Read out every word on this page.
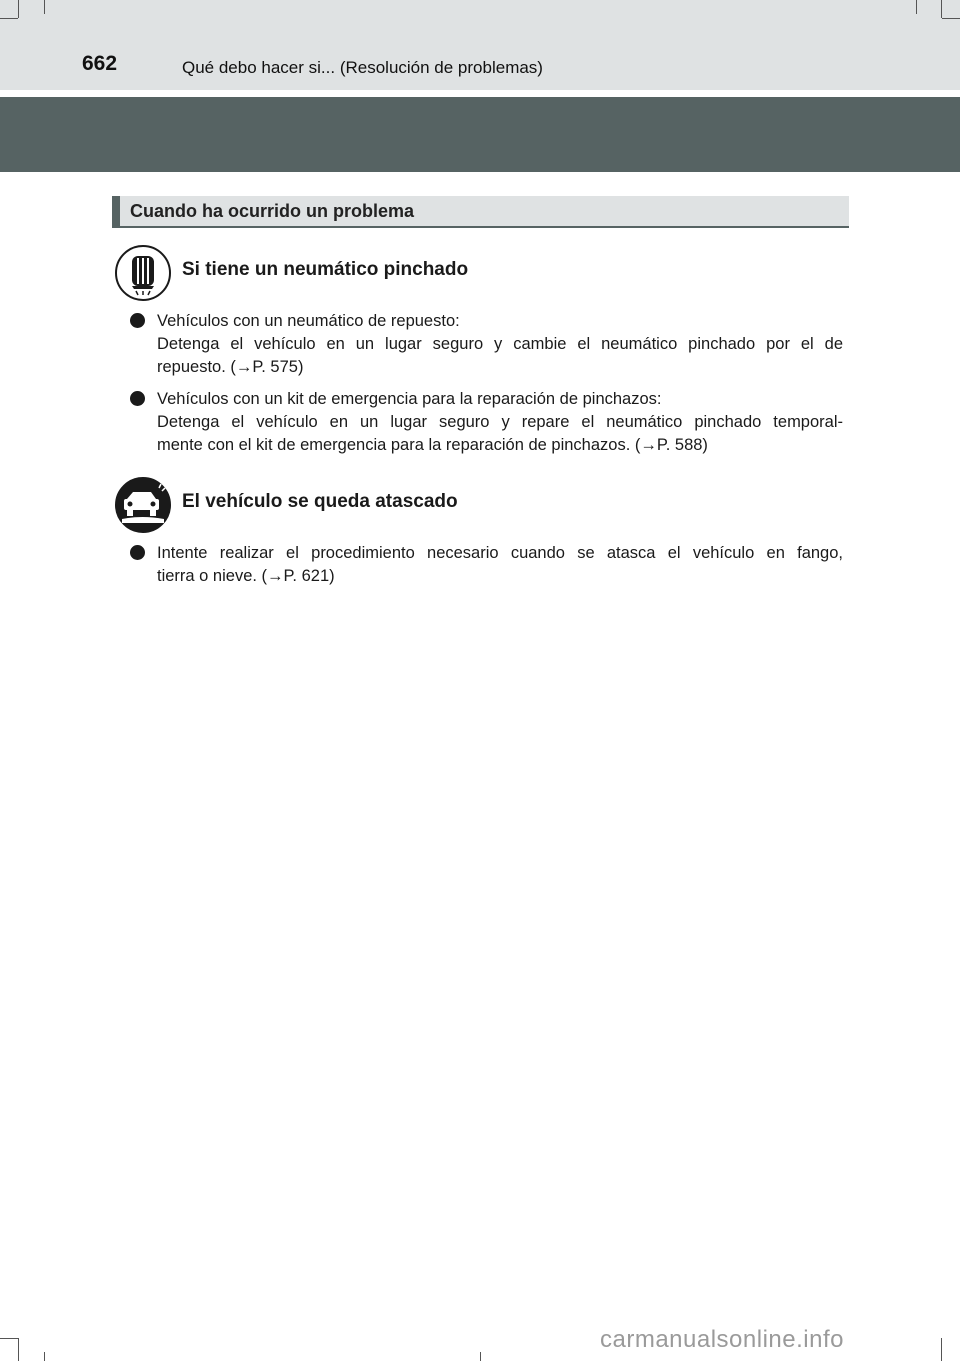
662	Qué debo hacer si... (Resolución de problemas)
Cuando ha ocurrido un problema
Si tiene un neumático pinchado
Vehículos con un neumático de repuesto:
Detenga el vehículo en un lugar seguro y cambie el neumático pinchado por el de
repuesto. (→P. 575)
Vehículos con un kit de emergencia para la reparación de pinchazos:
Detenga el vehículo en un lugar seguro y repare el neumático pinchado temporal-
mente con el kit de emergencia para la reparación de pinchazos. (→P. 588)
El vehículo se queda atascado
Intente realizar el procedimiento necesario cuando se atasca el vehículo en fango,
tierra o nieve. (→P. 621)
carmanualsonline.info
